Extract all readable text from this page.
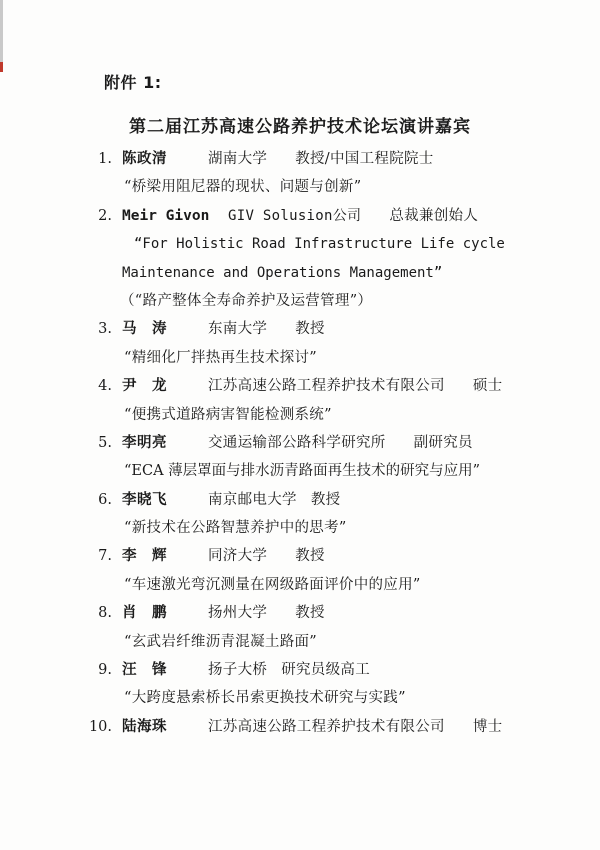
附件 1:
第二届江苏高速公路养护技术论坛演讲嘉宾
1. 陈政清	湖南大学 教授/中国工程院院士
“桥梁用阻尼器的现状、问题与创新”
2. Meir Givon GIV Solusion公司 总裁兼创始人
“For Holistic Road Infrastructure Life cycle
Maintenance and Operations Management”
（“路产整体全寿命养护及运营管理”）
3. 马　涛	东南大学 教授
“精细化厂拌热再生技术探讨”
4. 尹　龙	江苏高速公路工程养护技术有限公司 硕士
“便携式道路病害智能检测系统”
5. 李明亮	交通运输部公路科学研究所 副研究员
“ECA 薄层罩面与排水沥青路面再生技术的研究与应用”
6. 李晓飞	南京邮电大学 教授
“新技术在公路智慧养护中的思考”
7. 李　辉	同济大学 教授
“车速激光弯沉测量在网级路面评价中的应用”
8. 肖　鹏	扬州大学 教授
“玄武岩纤维沥青混凝土路面”
9. 汪　锋	扬子大桥 研究员级高工
“大跨度悬索桥长吊索更换技术研究与实践”
10. 陆海珠	江苏高速公路工程养护技术有限公司 博士
